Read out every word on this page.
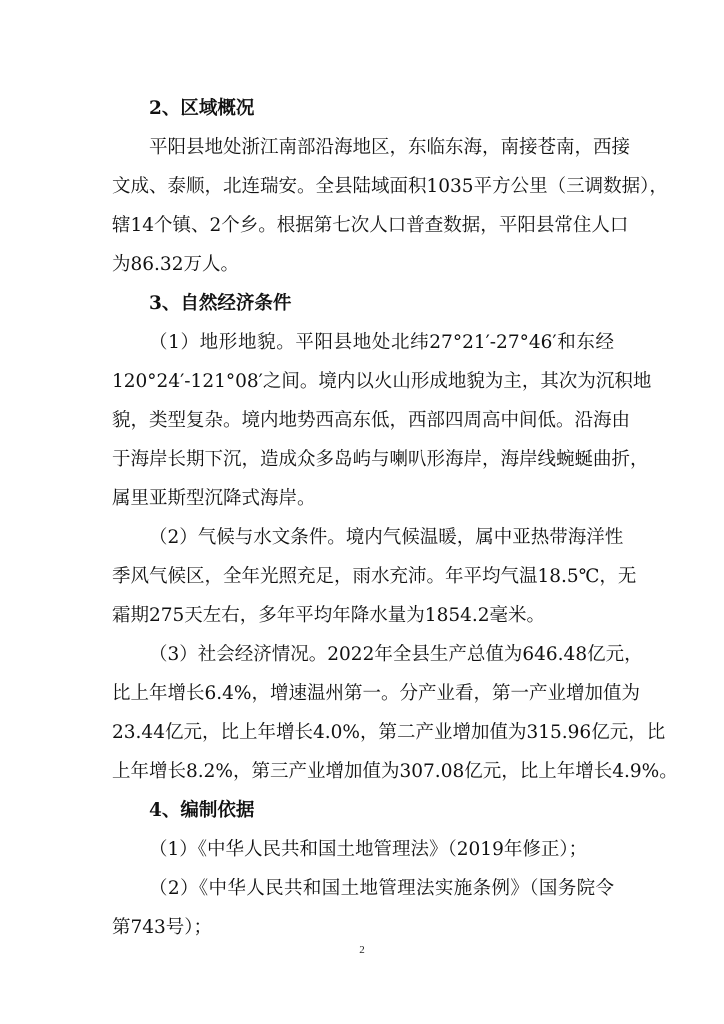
2、区域概况
平阳县地处浙江南部沿海地区，东临东海，南接苍南，西接
文成、泰顺，北连瑞安。全县陆域面积1035平方公里（三调数据），
辖14个镇、2个乡。根据第七次人口普查数据，平阳县常住人口
为86.32万人。
3、自然经济条件
（1）地形地貌。平阳县地处北纬27°21′-27°46′和东经
120°24′-121°08′之间。境内以火山形成地貌为主，其次为沉积地
貌，类型复杂。境内地势西高东低，西部四周高中间低。沿海由
于海岸长期下沉，造成众多岛屿与喇叭形海岸，海岸线蜿蜒曲折，
属里亚斯型沉降式海岸。
（2）气候与水文条件。境内气候温暖，属中亚热带海洋性
季风气候区，全年光照充足，雨水充沛。年平均气温18.5℃，无
霜期275天左右，多年平均年降水量为1854.2毫米。
（3）社会经济情况。2022年全县生产总值为646.48亿元，
比上年增长6.4%，增速温州第一。分产业看，第一产业增加值为
23.44亿元，比上年增长4.0%，第二产业增加值为315.96亿元，比
上年增长8.2%，第三产业增加值为307.08亿元，比上年增长4.9%。
4、编制依据
（1）《中华人民共和国土地管理法》（2019年修正）；
（2）《中华人民共和国土地管理法实施条例》（国务院令
第743号）；
2
